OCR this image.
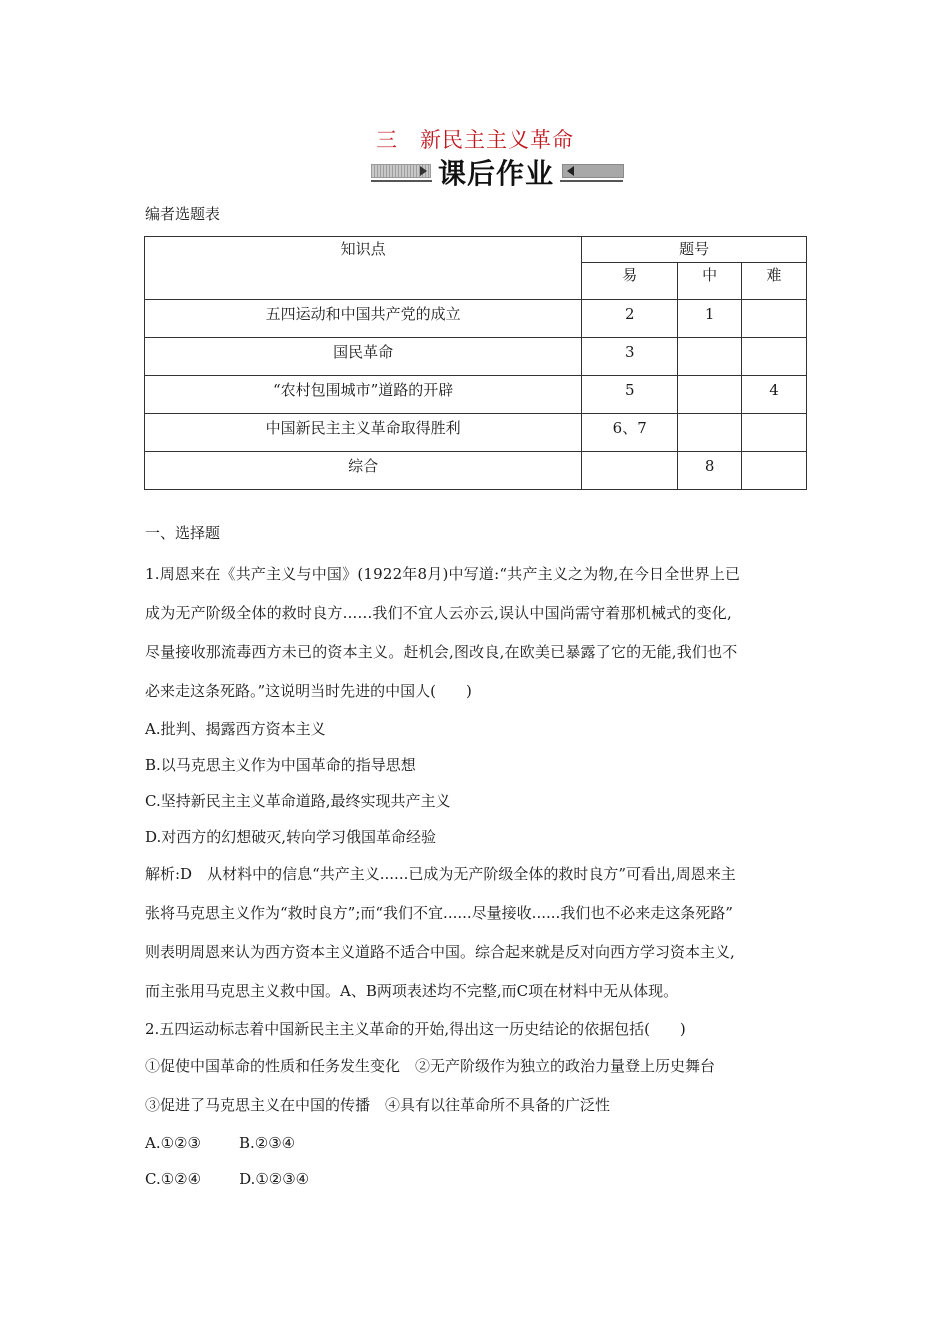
三 新民主主义革命
课后作业
编者选题表
知识点	题号		
	易	中	难
五四运动和中国共产党的成立	2	1	
国民革命	3		
“农村包围城市”道路的开辟	5		4
中国新民主主义革命取得胜利	6、7		
综合		8	

一、选择题

1.周恩来在《共产主义与中国》(1922年8月)中写道:“共产主义之为物,在今日全世界上已

成为无产阶级全体的救时良方......我们不宜人云亦云,误认中国尚需守着那机械式的变化,

尽量接收那流毒西方未已的资本主义。赶机会,图改良,在欧美已暴露了它的无能,我们也不

必来走这条死路。”这说明当时先进的中国人(　　)

A.批判、揭露西方资本主义

B.以马克思主义作为中国革命的指导思想

C.坚持新民主主义革命道路,最终实现共产主义

D.对西方的幻想破灭,转向学习俄国革命经验

解析:D　从材料中的信息“共产主义......已成为无产阶级全体的救时良方”可看出,周恩来主

张将马克思主义作为“救时良方”;而“我们不宜......尽量接收......我们也不必来走这条死路”

则表明周恩来认为西方资本主义道路不适合中国。综合起来就是反对向西方学习资本主义,

而主张用马克思主义救中国。A、B两项表述均不完整,而C项在材料中无从体现。

2.五四运动标志着中国新民主主义革命的开始,得出这一历史结论的依据包括(　　)

①促使中国革命的性质和任务发生变化　②无产阶级作为独立的政治力量登上历史舞台

③促进了马克思主义在中国的传播　④具有以往革命所不具备的广泛性

A.①②③	B.②③④

C.①②④	D.①②③④
